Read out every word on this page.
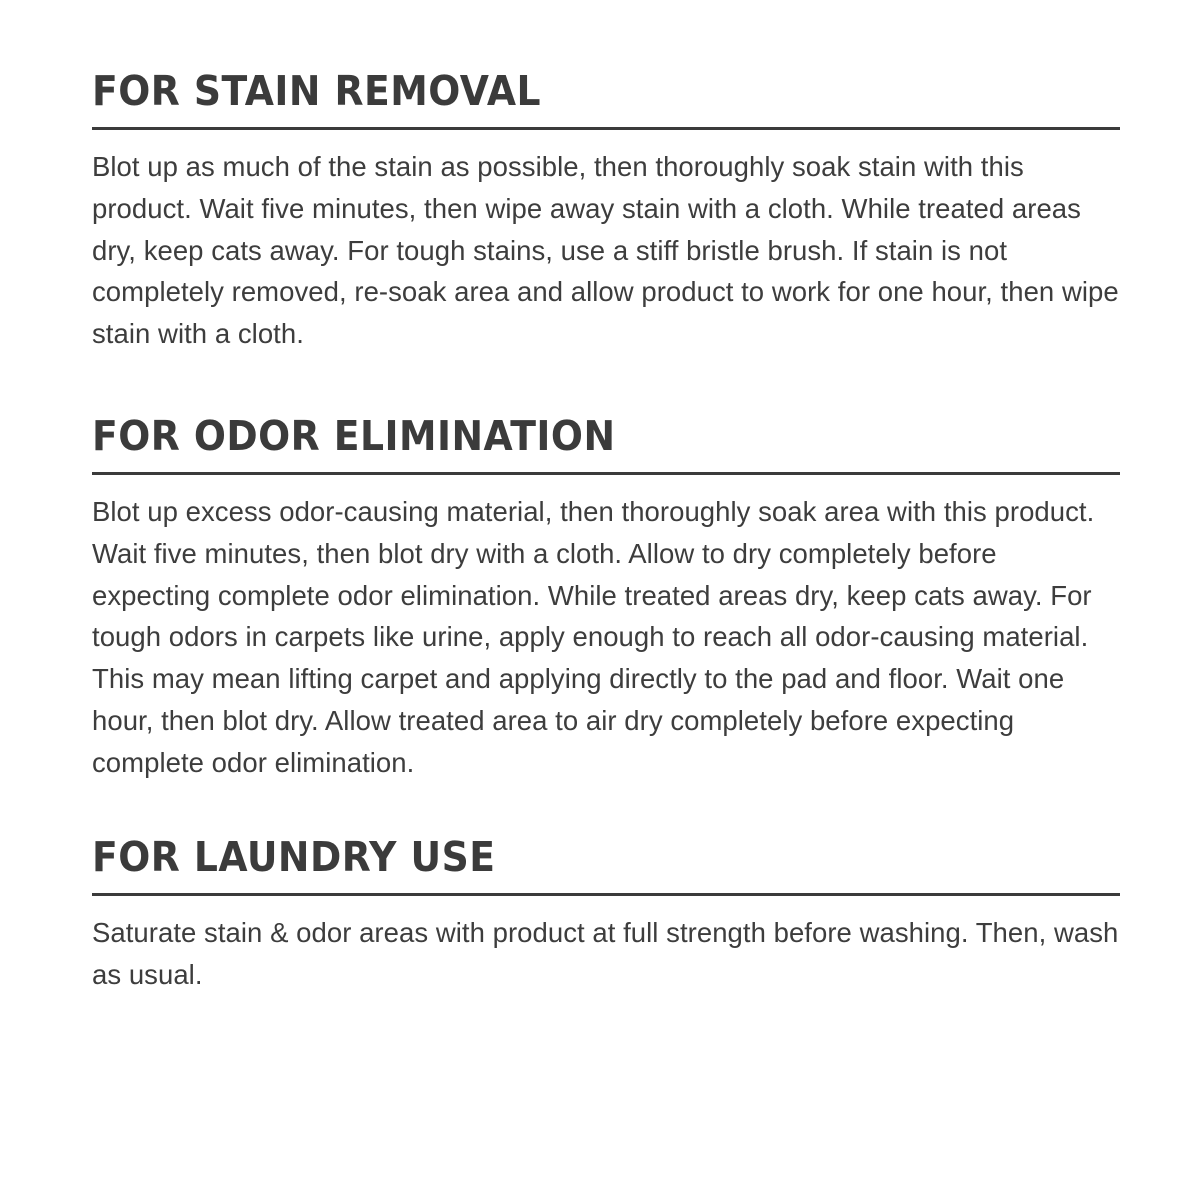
FOR STAIN REMOVAL

Blot up as much of the stain as possible, then thoroughly soak stain with this product. Wait five minutes, then wipe away stain with a cloth. While treated areas dry, keep cats away. For tough stains, use a stiff bristle brush. If stain is not completely removed, re-soak area and allow product to work for one hour, then wipe stain with a cloth.

FOR ODOR ELIMINATION

Blot up excess odor-causing material, then thoroughly soak area with this product. Wait five minutes, then blot dry with a cloth. Allow to dry completely before expecting complete odor elimination. While treated areas dry, keep cats away. For tough odors in carpets like urine, apply enough to reach all odor-causing material. This may mean lifting carpet and applying directly to the pad and floor. Wait one hour, then blot dry. Allow treated area to air dry completely before expecting complete odor elimination.

FOR LAUNDRY USE

Saturate stain & odor areas with product at full strength before washing. Then, wash as usual.
